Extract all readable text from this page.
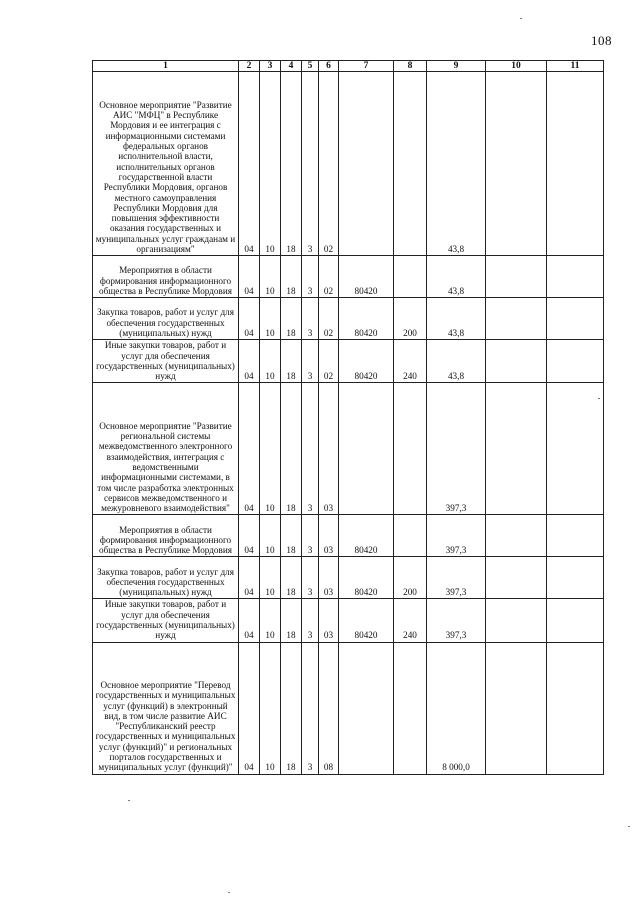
108
1	2	3	4	5	6	7	8	9	10	11
Основное мероприятие "Развитие АИС "МФЦ" в Республике Мордовия и ее интеграция с информационными системами федеральных органов исполнительной власти, исполнительных органов государственной власти Республики Мордовия, органов местного самоуправления Республики Мордовия для повышения эффективности оказания государственных и муниципальных услуг гражданам и организациям"	04	10	18	3	02			43,8		
Мероприятия в области формирования информационного общества в Республике Мордовия	04	10	18	3	02	80420		43,8		
Закупка товаров, работ и услуг для обеспечения государственных (муниципальных) нужд	04	10	18	3	02	80420	200	43,8		
Иные закупки товаров, работ и услуг для обеспечения государственных (муниципальных) нужд	04	10	18	3	02	80420	240	43,8		
Основное мероприятие "Развитие региональной системы межведомственного электронного взаимодействия, интеграция с ведомственными информационными системами, в том числе разработка электронных сервисов межведомственного и межуровневого взаимодействия"	04	10	18	3	03			397,3		
Мероприятия в области формирования информационного общества в Республике Мордовия	04	10	18	3	03	80420		397,3		
Закупка товаров, работ и услуг для обеспечения государственных (муниципальных) нужд	04	10	18	3	03	80420	200	397,3		
Иные закупки товаров, работ и услуг для обеспечения государственных (муниципальных) нужд	04	10	18	3	03	80420	240	397,3		
Основное мероприятие "Перевод государственных и муниципальных услуг (функций) в электронный вид, в том числе развитие АИС "Республиканский реестр государственных и муниципальных услуг (функций)" и региональных порталов государственных и муниципальных услуг (функций)"	04	10	18	3	08			8 000,0		
